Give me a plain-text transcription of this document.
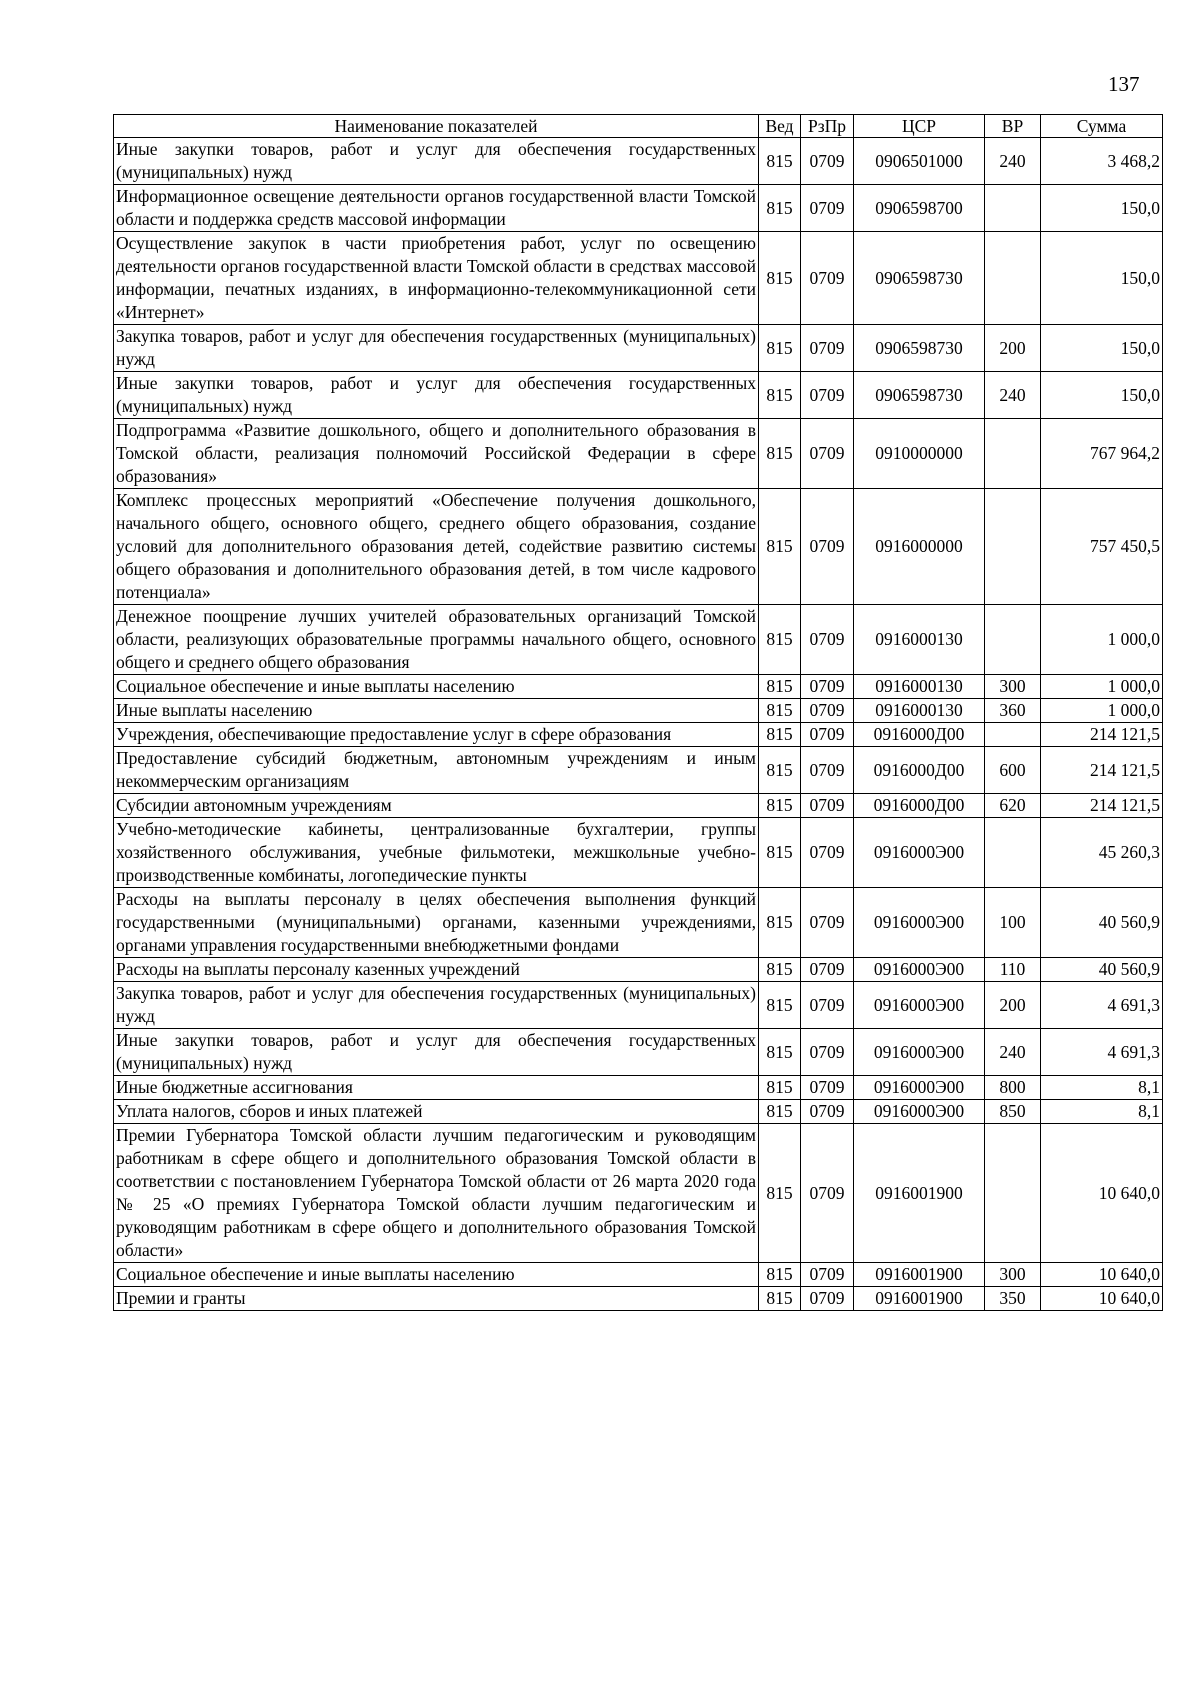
137
Наименование показателей	Вед	РзПр	ЦСР	ВР	Сумма
Иные закупки товаров, работ и услуг для обеспечения государственных (муниципальных) нужд	815	0709	0906501000	240	3 468,2
Информационное освещение деятельности органов государственной власти Томской области и поддержка средств массовой информации	815	0709	0906598700		150,0
Осуществление закупок в части приобретения работ, услуг по освещению деятельности органов государственной власти Томской области в средствах массовой информации, печатных изданиях, в информационно-телекоммуникационной сети «Интернет»	815	0709	0906598730		150,0
Закупка товаров, работ и услуг для обеспечения государственных (муниципальных) нужд	815	0709	0906598730	200	150,0
Иные закупки товаров, работ и услуг для обеспечения государственных (муниципальных) нужд	815	0709	0906598730	240	150,0
Подпрограмма «Развитие дошкольного, общего и дополнительного образования в Томской области, реализация полномочий Российской Федерации в сфере образования»	815	0709	0910000000		767 964,2
Комплекс процессных мероприятий «Обеспечение получения дошкольного, начального общего, основного общего, среднего общего образования, создание условий для дополнительного образования детей, содействие развитию системы общего образования и дополнительного образования детей, в том числе кадрового потенциала»	815	0709	0916000000		757 450,5
Денежное поощрение лучших учителей образовательных организаций Томской области, реализующих образовательные программы начального общего, основного общего и среднего общего образования	815	0709	0916000130		1 000,0
Социальное обеспечение и иные выплаты населению	815	0709	0916000130	300	1 000,0
Иные выплаты населению	815	0709	0916000130	360	1 000,0
Учреждения, обеспечивающие предоставление услуг в сфере образования	815	0709	0916000Д00		214 121,5
Предоставление субсидий бюджетным, автономным учреждениям и иным некоммерческим организациям	815	0709	0916000Д00	600	214 121,5
Субсидии автономным учреждениям	815	0709	0916000Д00	620	214 121,5
Учебно-методические кабинеты, централизованные бухгалтерии, группы хозяйственного обслуживания, учебные фильмотеки, межшкольные учебно-производственные комбинаты, логопедические пункты	815	0709	0916000Э00		45 260,3
Расходы на выплаты персоналу в целях обеспечения выполнения функций государственными (муниципальными) органами, казенными учреждениями, органами управления государственными внебюджетными фондами	815	0709	0916000Э00	100	40 560,9
Расходы на выплаты персоналу казенных учреждений	815	0709	0916000Э00	110	40 560,9
Закупка товаров, работ и услуг для обеспечения государственных (муниципальных) нужд	815	0709	0916000Э00	200	4 691,3
Иные закупки товаров, работ и услуг для обеспечения государственных (муниципальных) нужд	815	0709	0916000Э00	240	4 691,3
Иные бюджетные ассигнования	815	0709	0916000Э00	800	8,1
Уплата налогов, сборов и иных платежей	815	0709	0916000Э00	850	8,1
Премии Губернатора Томской области лучшим педагогическим и руководящим работникам в сфере общего и дополнительного образования Томской области в соответствии с постановлением Губернатора Томской области от 26 марта 2020 года № 25 «О премиях Губернатора Томской области лучшим педагогическим и руководящим работникам в сфере общего и дополнительного образования Томской области»	815	0709	0916001900		10 640,0
Социальное обеспечение и иные выплаты населению	815	0709	0916001900	300	10 640,0
Премии и гранты	815	0709	0916001900	350	10 640,0
